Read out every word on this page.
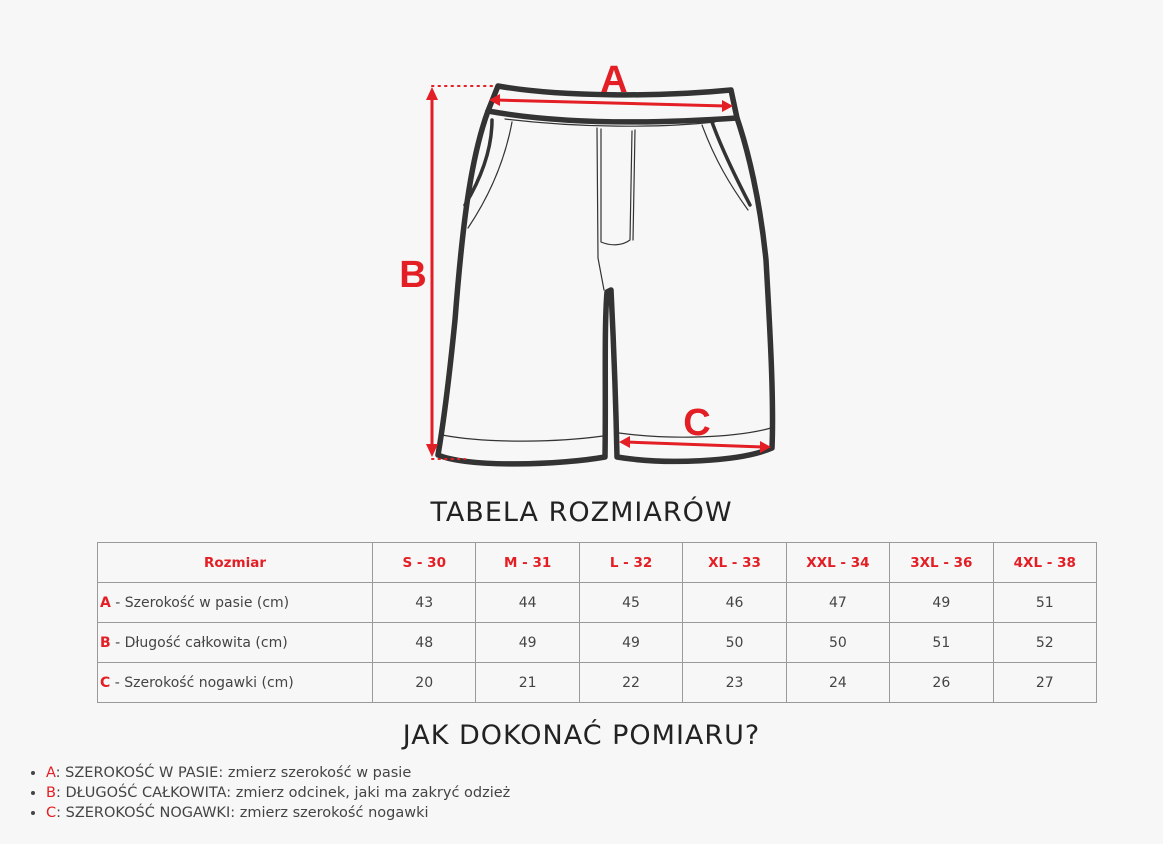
A
B
C
TABELA ROZMIARÓW
Rozmiar	S - 30	M - 31	L - 32	XL - 33	XXL - 34	3XL - 36	4XL - 38
A - Szerokość w pasie (cm)	43	44	45	46	47	49	51
B - Długość całkowita (cm)	48	49	49	50	50	51	52
C - Szerokość nogawki (cm)	20	21	22	23	24	26	27
JAK DOKONAĆ POMIARU?
• A: SZEROKOŚĆ W PASIE: zmierz szerokość w pasie
• B: DŁUGOŚĆ CAŁKOWITA: zmierz odcinek, jaki ma zakryć odzież
• C: SZEROKOŚĆ NOGAWKI: zmierz szerokość nogawki
